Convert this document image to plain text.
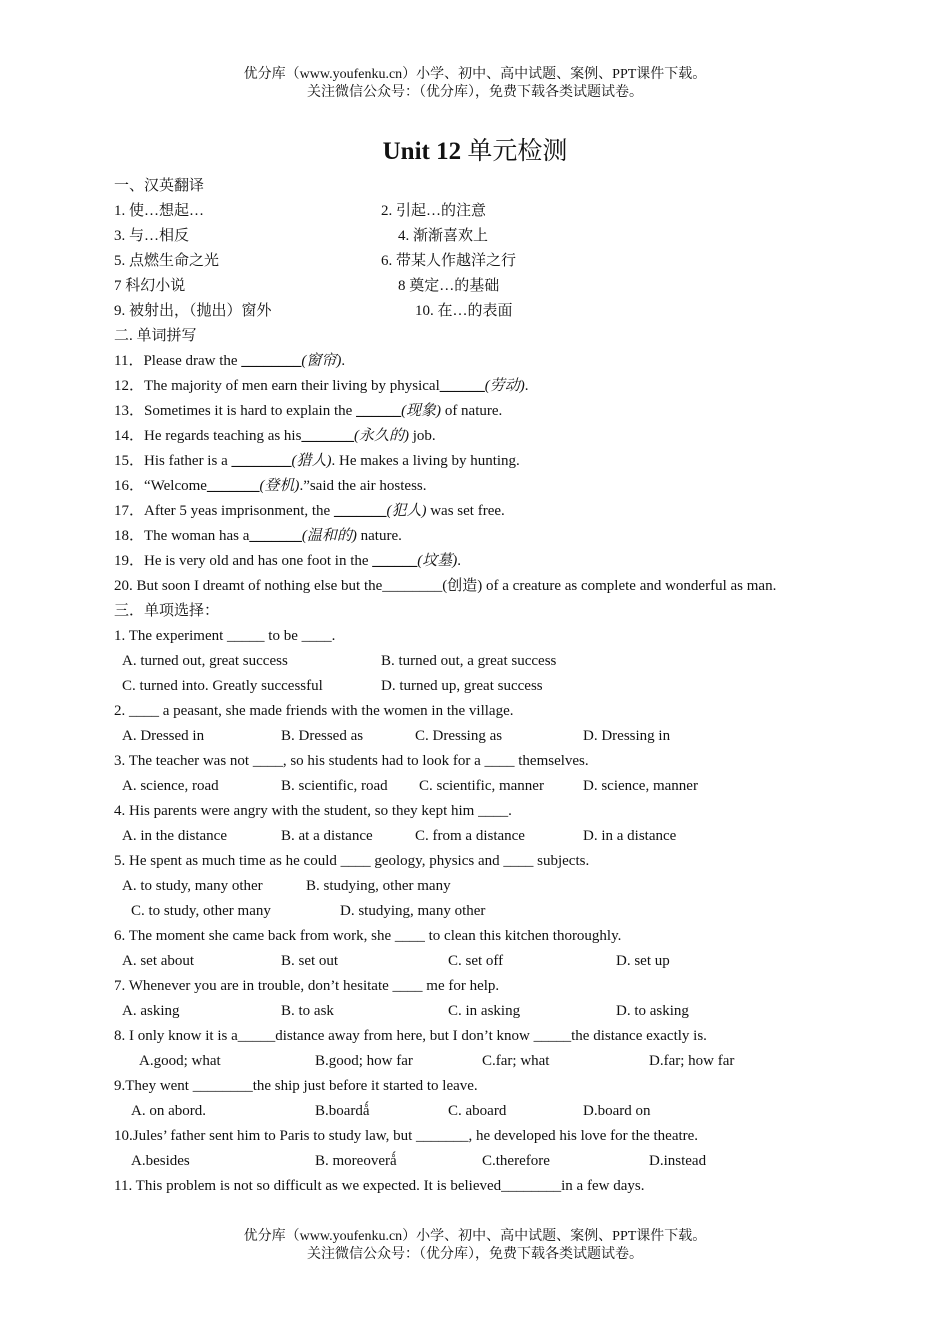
优分库（www.youfenku.cn）小学、初中、高中试题、案例、PPT课件下载。
关注微信公众号：（优分库），免费下载各类试题试卷。
Unit 12 单元检测
一、汉英翻译
1. 使…想起…	2. 引起…的注意
3. 与…相反	4. 渐渐喜欢上
5. 点燃生命之光	6. 带某人作越洋之行
7 科幻小说	8 奠定…的基础
9. 被射出，（抛出）窗外	10. 在…的表面
二. 单词拼写
11．Please draw the ________(窗帘).
12．The majority of men earn their living by physical______(劳动).
13．Sometimes it is hard to explain the ______(现象) of nature.
14．He regards teaching as his_______(永久的) job.
15．His father is a ________(猎人). He makes a living by hunting.
16．“Welcome_______(登机).”said the air hostess.
17．After 5 yeas imprisonment, the _______(犯人) was set free.
18．The woman has a_______(温和的) nature.
19．He is very old and has one foot in the ______(坟墓).
20. But soon I dreamt of nothing else but the________(创造) of a creature as complete and wonderful as man.
三．单项选择：
1. The experiment _____ to be ____.
A. turned out, great success	B. turned out, a great success
C. turned into. Greatly successful	D. turned up, great success
2. ____ a peasant, she made friends with the women in the village.
A. Dressed in	B. Dressed as	C. Dressing as	D. Dressing in
3. The teacher was not ____, so his students had to look for a ____ themselves.
A. science, road	B. scientific, road C. scientific, manner	D. science, manner
4. His parents were angry with the student, so they kept him ____.
A. in the distance	B. at a distance	C. from a distance	D. in a distance
5. He spent as much time as he could ____ geology, physics and ____ subjects.
A. to study, many other	B. studying, other many
C. to study, other many	D. studying, many other
6. The moment she came back from work, she ____ to clean this kitchen thoroughly.
A. set about	B. set out	C. set off	D. set up
7. Whenever you are in trouble, don’t hesitate ____ me for help.
A. asking	B. to ask	C. in asking	D. to asking
8. I only know it is a_____distance away from here, but I don’t know _____the distance exactly is.
A.good; what	B.good; how far	C.far; what	D.far; how far
9.They went ________the ship just before it started to leave.
A. on abord.	B.boardǻ	C. aboard	D.board on
10.Jules’ father sent him to Paris to study law, but _______, he developed his love for the theatre.
A.besides	B. moreoverǻ	C.therefore	D.instead
11. This problem is not so difficult as we expected. It is believed________in a few days.
优分库（www.youfenku.cn）小学、初中、高中试题、案例、PPT课件下载。
关注微信公众号：（优分库），免费下载各类试题试卷。
